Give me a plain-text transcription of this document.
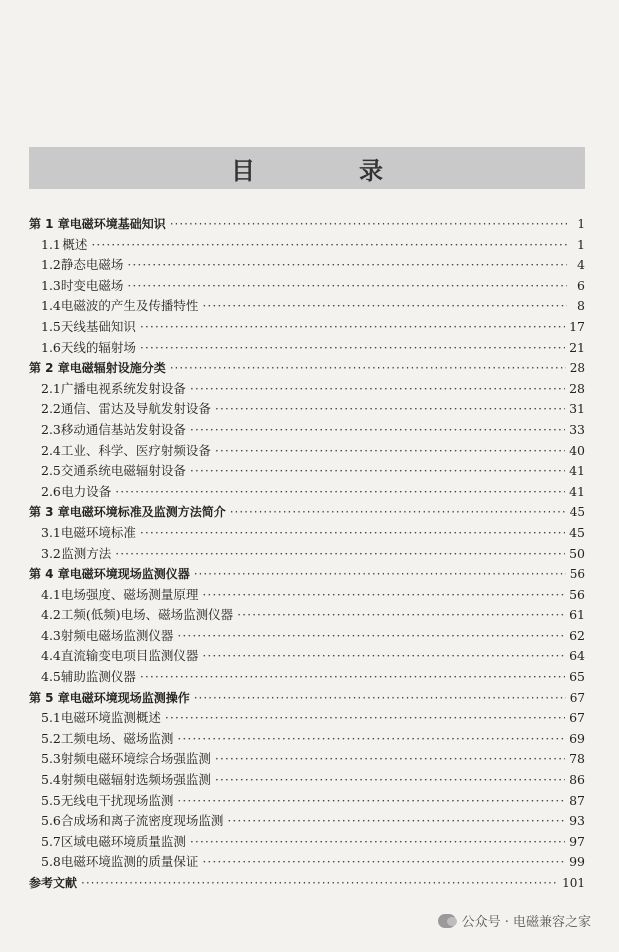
目　录
第 1 章 电磁环境基础知识 ·····	1
1.1 概述 ·····	1
1.2 静态电磁场 ·····	4
1.3 时变电磁场 ·····	6
1.4 电磁波的产生及传播特性 ·····	8
1.5 天线基础知识 ·····	17
1.6 天线的辐射场 ·····	21
第 2 章 电磁辐射设施分类 ·····	28
2.1 广播电视系统发射设备 ·····	28
2.2 通信、雷达及导航发射设备 ·····	31
2.3 移动通信基站发射设备 ·····	33
2.4 工业、科学、医疗射频设备 ·····	40
2.5 交通系统电磁辐射设备 ·····	41
2.6 电力设备 ·····	41
第 3 章 电磁环境标准及监测方法简介 ·····	45
3.1 电磁环境标准 ·····	45
3.2 监测方法 ·····	50
第 4 章 电磁环境现场监测仪器 ·····	56
4.1 电场强度、磁场测量原理 ·····	56
4.2 工频(低频)电场、磁场监测仪器 ·····	61
4.3 射频电磁场监测仪器 ·····	62
4.4 直流输变电项目监测仪器 ·····	64
4.5 辅助监测仪器 ·····	65
第 5 章 电磁环境现场监测操作 ·····	67
5.1 电磁环境监测概述 ·····	67
5.2 工频电场、磁场监测 ·····	69
5.3 射频电磁环境综合场强监测 ·····	78
5.4 射频电磁辐射选频场强监测 ·····	86
5.5 无线电干扰现场监测 ·····	87
5.6 合成场和离子流密度现场监测 ·····	93
5.7 区域电磁环境质量监测 ·····	97
5.8 电磁环境监测的质量保证 ·····	99
参考文献 ·····	101
公众号 · 电磁兼容之家
